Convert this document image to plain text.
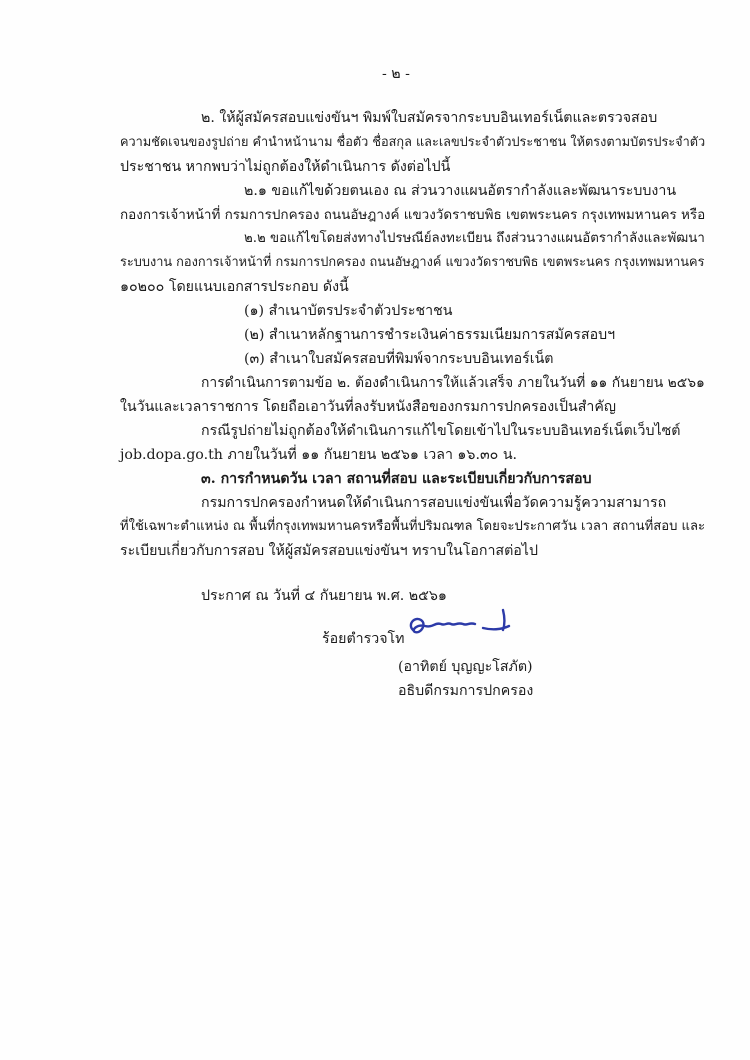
- ๒ -
๒. ให้ผู้สมัครสอบแข่งขันฯ พิมพ์ใบสมัครจากระบบอินเทอร์เน็ตและตรวจสอบ
ความชัดเจนของรูปถ่าย คำนำหน้านาม ชื่อตัว ชื่อสกุล และเลขประจำตัวประชาชน ให้ตรงตามบัตรประจำตัว
ประชาชน หากพบว่าไม่ถูกต้องให้ดำเนินการ ดังต่อไปนี้
๒.๑ ขอแก้ไขด้วยตนเอง ณ ส่วนวางแผนอัตรากำลังและพัฒนาระบบงาน
กองการเจ้าหน้าที่ กรมการปกครอง ถนนอัษฎางค์ แขวงวัดราชบพิธ เขตพระนคร กรุงเทพมหานคร หรือ
๒.๒ ขอแก้ไขโดยส่งทางไปรษณีย์ลงทะเบียน ถึงส่วนวางแผนอัตรากำลังและพัฒนา
ระบบงาน กองการเจ้าหน้าที่ กรมการปกครอง ถนนอัษฎางค์ แขวงวัดราชบพิธ เขตพระนคร กรุงเทพมหานคร
๑๐๒๐๐ โดยแนบเอกสารประกอบ ดังนี้
(๑) สำเนาบัตรประจำตัวประชาชน
(๒) สำเนาหลักฐานการชำระเงินค่าธรรมเนียมการสมัครสอบฯ
(๓) สำเนาใบสมัครสอบที่พิมพ์จากระบบอินเทอร์เน็ต
การดำเนินการตามข้อ ๒. ต้องดำเนินการให้แล้วเสร็จ ภายในวันที่ ๑๑ กันยายน ๒๕๖๑
ในวันและเวลาราชการ โดยถือเอาวันที่ลงรับหนังสือของกรมการปกครองเป็นสำคัญ
กรณีรูปถ่ายไม่ถูกต้องให้ดำเนินการแก้ไขโดยเข้าไปในระบบอินเทอร์เน็ตเว็บไซต์
job.dopa.go.th ภายในวันที่ ๑๑ กันยายน ๒๕๖๑ เวลา ๑๖.๓๐ น.
๓. การกำหนดวัน เวลา สถานที่สอบ และระเบียบเกี่ยวกับการสอบ
กรมการปกครองกำหนดให้ดำเนินการสอบแข่งขันเพื่อวัดความรู้ความสามารถ
ที่ใช้เฉพาะตำแหน่ง ณ พื้นที่กรุงเทพมหานครหรือพื้นที่ปริมณฑล โดยจะประกาศวัน เวลา สถานที่สอบ และ
ระเบียบเกี่ยวกับการสอบ ให้ผู้สมัครสอบแข่งขันฯ ทราบในโอกาสต่อไป
ประกาศ ณ วันที่ ๔ กันยายน พ.ศ. ๒๕๖๑
ร้อยตำรวจโท
(อาทิตย์ บุญญะโสภัต)
อธิบดีกรมการปกครอง
